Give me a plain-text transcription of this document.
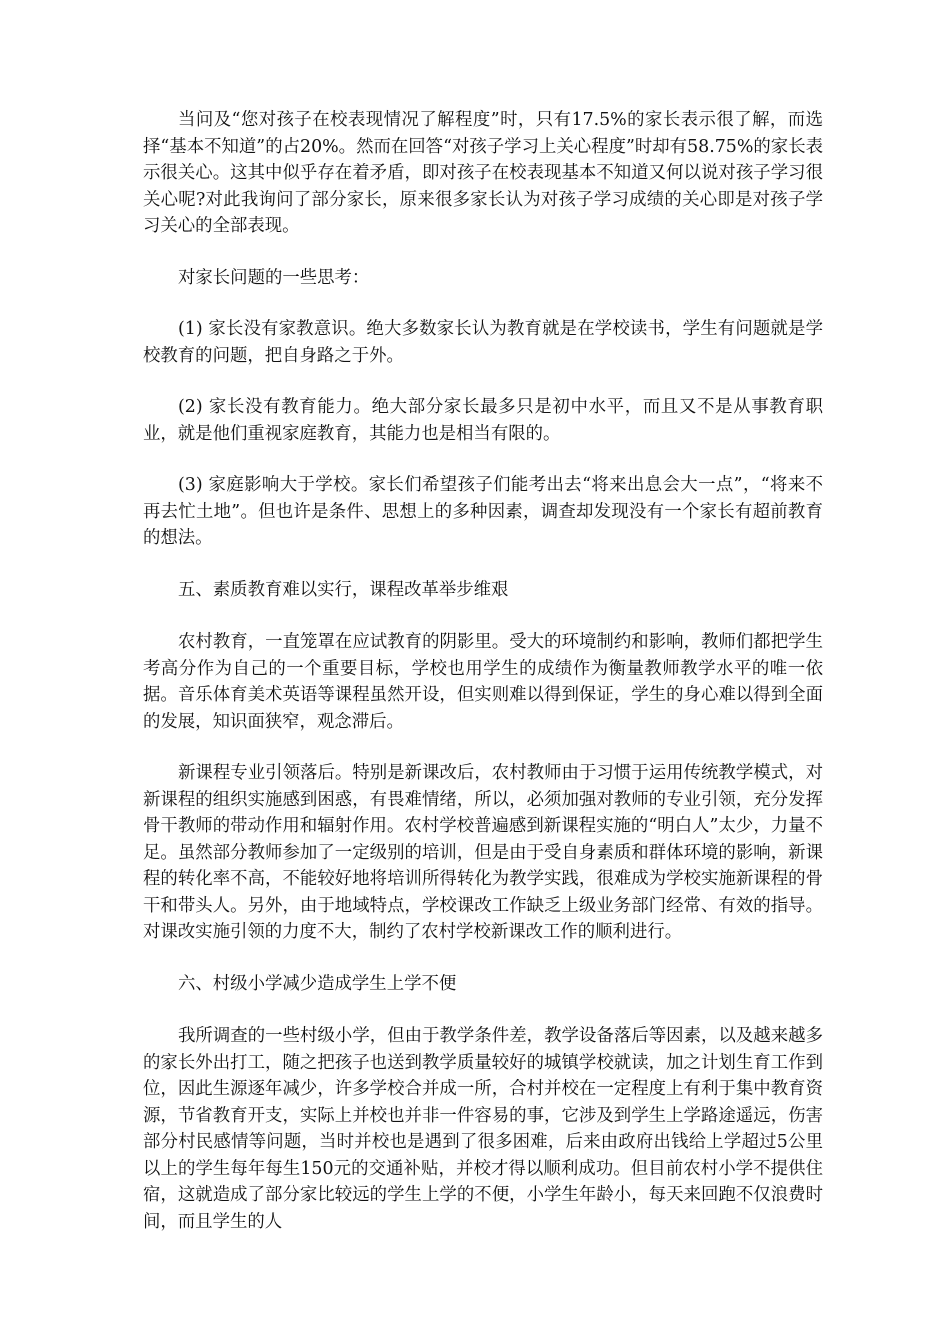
当问及“您对孩子在校表现情况了解程度”时，只有17.5%的家长表示很了解，而选择“基本不知道”的占20%。然而在回答“对孩子学习上关心程度”时却有58.75%的家长表示很关心。这其中似乎存在着矛盾，即对孩子在校表现基本不知道又何以说对孩子学习很关心呢?对此我询问了部分家长，原来很多家长认为对孩子学习成绩的关心即是对孩子学习关心的全部表现。

对家长问题的一些思考：

(1) 家长没有家教意识。绝大多数家长认为教育就是在学校读书，学生有问题就是学校教育的问题，把自身路之于外。

(2) 家长没有教育能力。绝大部分家长最多只是初中水平，而且又不是从事教育职业，就是他们重视家庭教育，其能力也是相当有限的。

(3) 家庭影响大于学校。家长们希望孩子们能考出去“将来出息会大一点”，“将来不再去忙土地”。但也许是条件、思想上的多种因素，调查却发现没有一个家长有超前教育的想法。

五、素质教育难以实行，课程改革举步维艰

农村教育，一直笼罩在应试教育的阴影里。受大的环境制约和影响，教师们都把学生考高分作为自己的一个重要目标，学校也用学生的成绩作为衡量教师教学水平的唯一依据。音乐体育美术英语等课程虽然开设，但实则难以得到保证，学生的身心难以得到全面的发展，知识面狭窄，观念滞后。

新课程专业引领落后。特别是新课改后，农村教师由于习惯于运用传统教学模式，对新课程的组织实施感到困惑，有畏难情绪，所以，必须加强对教师的专业引领，充分发挥骨干教师的带动作用和辐射作用。农村学校普遍感到新课程实施的“明白人”太少，力量不足。虽然部分教师参加了一定级别的培训，但是由于受自身素质和群体环境的影响，新课程的转化率不高，不能较好地将培训所得转化为教学实践，很难成为学校实施新课程的骨干和带头人。另外，由于地域特点，学校课改工作缺乏上级业务部门经常、有效的指导。对课改实施引领的力度不大，制约了农村学校新课改工作的顺利进行。

六、村级小学减少造成学生上学不便

我所调查的一些村级小学，但由于教学条件差，教学设备落后等因素，以及越来越多的家长外出打工，随之把孩子也送到教学质量较好的城镇学校就读，加之计划生育工作到位，因此生源逐年减少，许多学校合并成一所，合村并校在一定程度上有利于集中教育资源，节省教育开支，实际上并校也并非一件容易的事，它涉及到学生上学路途遥远，伤害部分村民感情等问题，当时并校也是遇到了很多困难，后来由政府出钱给上学超过5公里以上的学生每年每生150元的交通补贴，并校才得以顺利成功。但目前农村小学不提供住宿，这就造成了部分家比较远的学生上学的不便，小学生年龄小，每天来回跑不仅浪费时间，而且学生的人
